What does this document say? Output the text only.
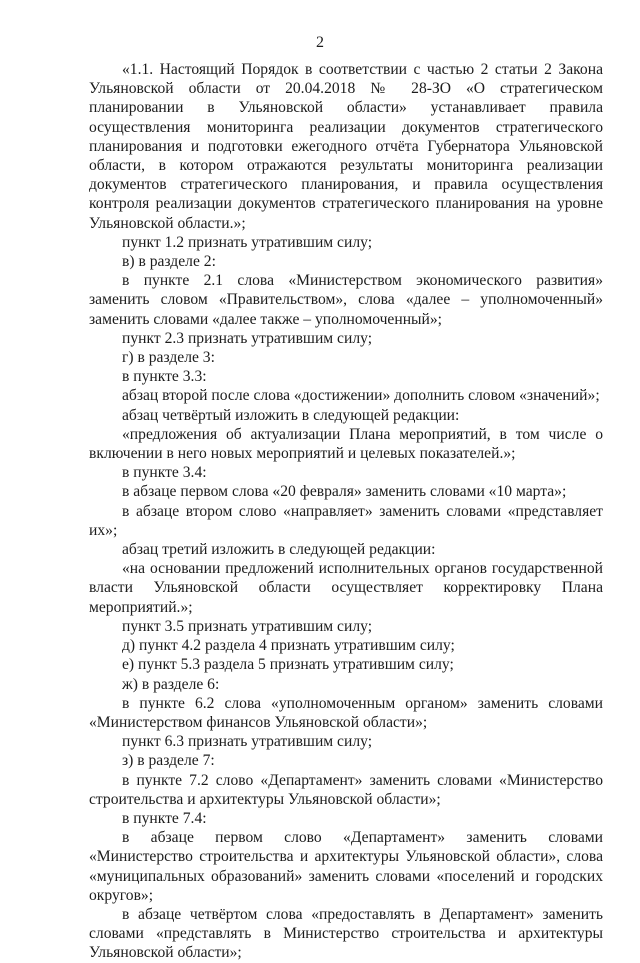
2

«1.1. Настоящий Порядок в соответствии с частью 2 статьи 2 Закона Ульяновской области от 20.04.2018 № 28-ЗО «О стратегическом планировании в Ульяновской области» устанавливает правила осуществления мониторинга реализации документов стратегического планирования и подготовки ежегодного отчёта Губернатора Ульяновской области, в котором отражаются результаты мониторинга реализации документов стратегического планирования, и правила осуществления контроля реализации документов стратегического планирования на уровне Ульяновской области.»;

пункт 1.2 признать утратившим силу;

в) в разделе 2:

в пункте 2.1 слова «Министерством экономического развития» заменить словом «Правительством», слова «далее – уполномоченный» заменить словами «далее также – уполномоченный»;

пункт 2.3 признать утратившим силу;

г) в разделе 3:

в пункте 3.3:

абзац второй после слова «достижении» дополнить словом «значений»;

абзац четвёртый изложить в следующей редакции:

«предложения об актуализации Плана мероприятий, в том числе о включении в него новых мероприятий и целевых показателей.»;

в пункте 3.4:

в абзаце первом слова «20 февраля» заменить словами «10 марта»;

в абзаце втором слово «направляет» заменить словами «представляет их»;

абзац третий изложить в следующей редакции:

«на основании предложений исполнительных органов государственной власти Ульяновской области осуществляет корректировку Плана мероприятий.»;

пункт 3.5 признать утратившим силу;

д) пункт 4.2 раздела 4 признать утратившим силу;

е) пункт 5.3 раздела 5 признать утратившим силу;

ж) в разделе 6:

в пункте 6.2 слова «уполномоченным органом» заменить словами «Министерством финансов Ульяновской области»;

пункт 6.3 признать утратившим силу;

з) в разделе 7:

в пункте 7.2 слово «Департамент» заменить словами «Министерство строительства и архитектуры Ульяновской области»;

в пункте 7.4:

в абзаце первом слово «Департамент» заменить словами «Министерство строительства и архитектуры Ульяновской области», слова «муниципальных образований» заменить словами «поселений и городских округов»;

в абзаце четвёртом слова «предоставлять в Департамент» заменить словами «представлять в Министерство строительства и архитектуры Ульяновской области»;
